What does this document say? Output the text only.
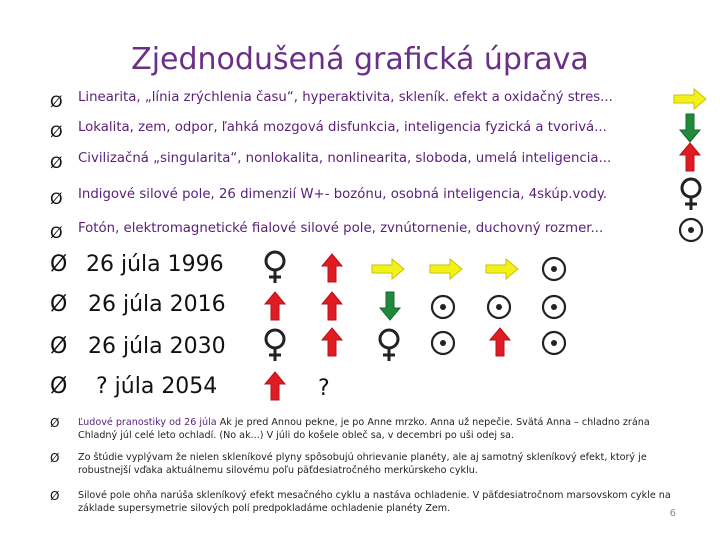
Zjednodušená grafická úprava
Ø Linearita, „línia zrýchlenia času“, hyperaktivita, skleník. efekt a oxidačný stres...
Ø Lokalita, zem, odpor, ľahká mozgová disfunkcia, inteligencia fyzická a tvorivá...
Ø Civilizačná „singularita“, nonlokalita, nonlinearita, sloboda, umelá inteligencia...
Ø Indigové silové pole, 26 dimenzií W+- bozónu, osobná inteligencia, 4skúp.vody.
Ø Fotón, elektromagnetické fialové silové pole, zvnútornenie, duchovný rozmer...
Ø 26 júla 1996
Ø 26 júla 2016
Ø 26 júla 2030
Ø ? júla 2054	?
Ø Ľudové pranostiky od 26 júla Ak je pred Annou pekne, je po Anne mrzko. Anna už nepečie. Svätá Anna – chladno zrána Chladný júl celé leto ochladí. (No ak...) V júli do košele obleč sa, v decembri po uši odej sa.
Ø Zo štúdie vyplývam že nielen skleníkové plyny spôsobujú ohrievanie planéty, ale aj samotný skleníkový efekt, ktorý je robustnejší vďaka aktuálnemu silovému poľu päťdesiatročného merkúrskeho cyklu.
Ø Silové pole ohňa narúša skleníkový efekt mesačného cyklu a nastáva ochladenie. V päťdesiatročnom marsovskom cykle na základe supersymetrie silových polí predpokladáme ochladenie planéty Zem.	6
